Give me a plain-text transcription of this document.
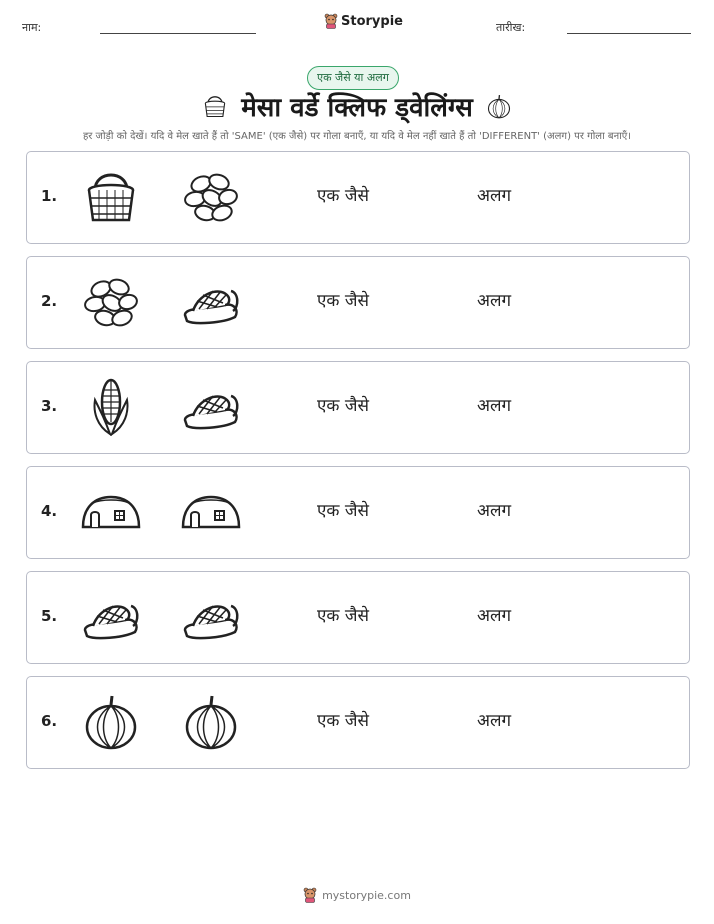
नाम:	Storypie	तारीख:
एक जैसे या अलग
मेसा वर्डे क्लिफ ड्वेलिंग्स
हर जोड़ी को देखें। यदि वे मेल खाते हैं तो 'SAME' (एक जैसे) पर गोला बनाएँ, या यदि वे मेल नहीं खाते हैं तो 'DIFFERENT' (अलग) पर गोला बनाएँ।
1.	एक जैसे	अलग
2.	एक जैसे	अलग
3.	एक जैसे	अलग
4.	एक जैसे	अलग
5.	एक जैसे	अलग
6.	एक जैसे	अलग
mystorypie.com
